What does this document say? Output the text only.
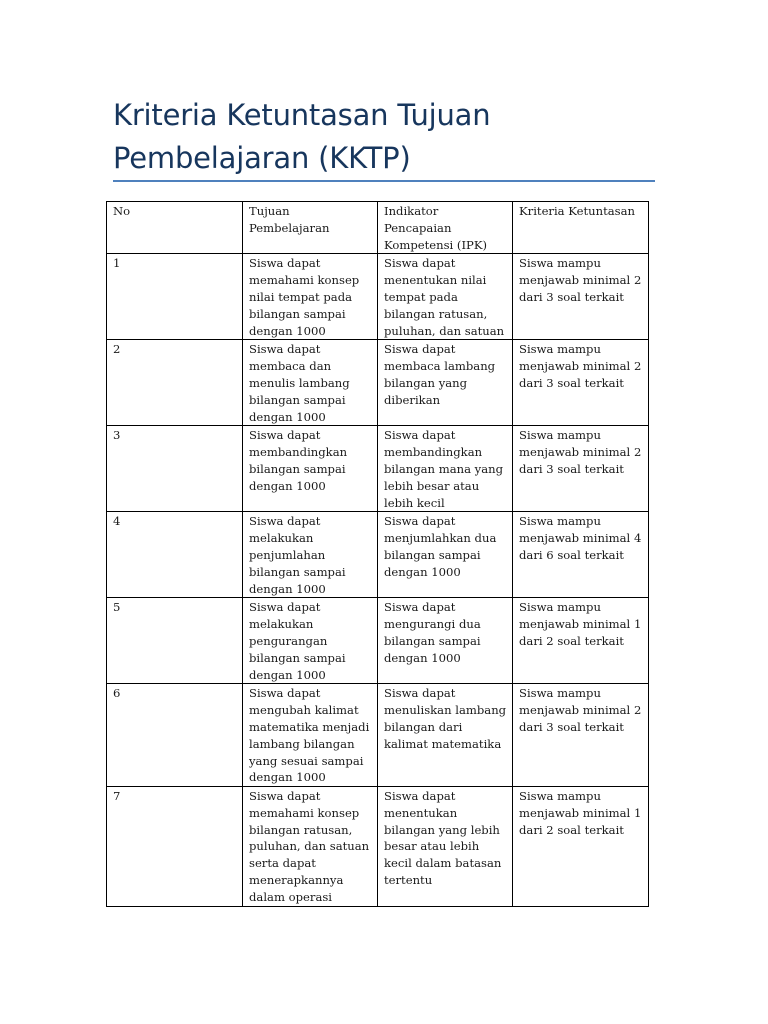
Kriteria Ketuntasan Tujuan Pembelajaran (KKTP)
No	Tujuan Pembelajaran	Indikator Pencapaian Kompetensi (IPK)	Kriteria Ketuntasan
1	Siswa dapat memahami konsep nilai tempat pada bilangan sampai dengan 1000	Siswa dapat menentukan nilai tempat pada bilangan ratusan, puluhan, dan satuan	Siswa mampu menjawab minimal 2 dari 3 soal terkait
2	Siswa dapat membaca dan menulis lambang bilangan sampai dengan 1000	Siswa dapat membaca lambang bilangan yang diberikan	Siswa mampu menjawab minimal 2 dari 3 soal terkait
3	Siswa dapat membandingkan bilangan sampai dengan 1000	Siswa dapat membandingkan bilangan mana yang lebih besar atau lebih kecil	Siswa mampu menjawab minimal 2 dari 3 soal terkait
4	Siswa dapat melakukan penjumlahan bilangan sampai dengan 1000	Siswa dapat menjumlahkan dua bilangan sampai dengan 1000	Siswa mampu menjawab minimal 4 dari 6 soal terkait
5	Siswa dapat melakukan pengurangan bilangan sampai dengan 1000	Siswa dapat mengurangi dua bilangan sampai dengan 1000	Siswa mampu menjawab minimal 1 dari 2 soal terkait
6	Siswa dapat mengubah kalimat matematika menjadi lambang bilangan yang sesuai sampai dengan 1000	Siswa dapat menuliskan lambang bilangan dari kalimat matematika	Siswa mampu menjawab minimal 2 dari 3 soal terkait
7	Siswa dapat memahami konsep bilangan ratusan, puluhan, dan satuan serta dapat menerapkannya dalam operasi	Siswa dapat menentukan bilangan yang lebih besar atau lebih kecil dalam batasan tertentu	Siswa mampu menjawab minimal 1 dari 2 soal terkait
